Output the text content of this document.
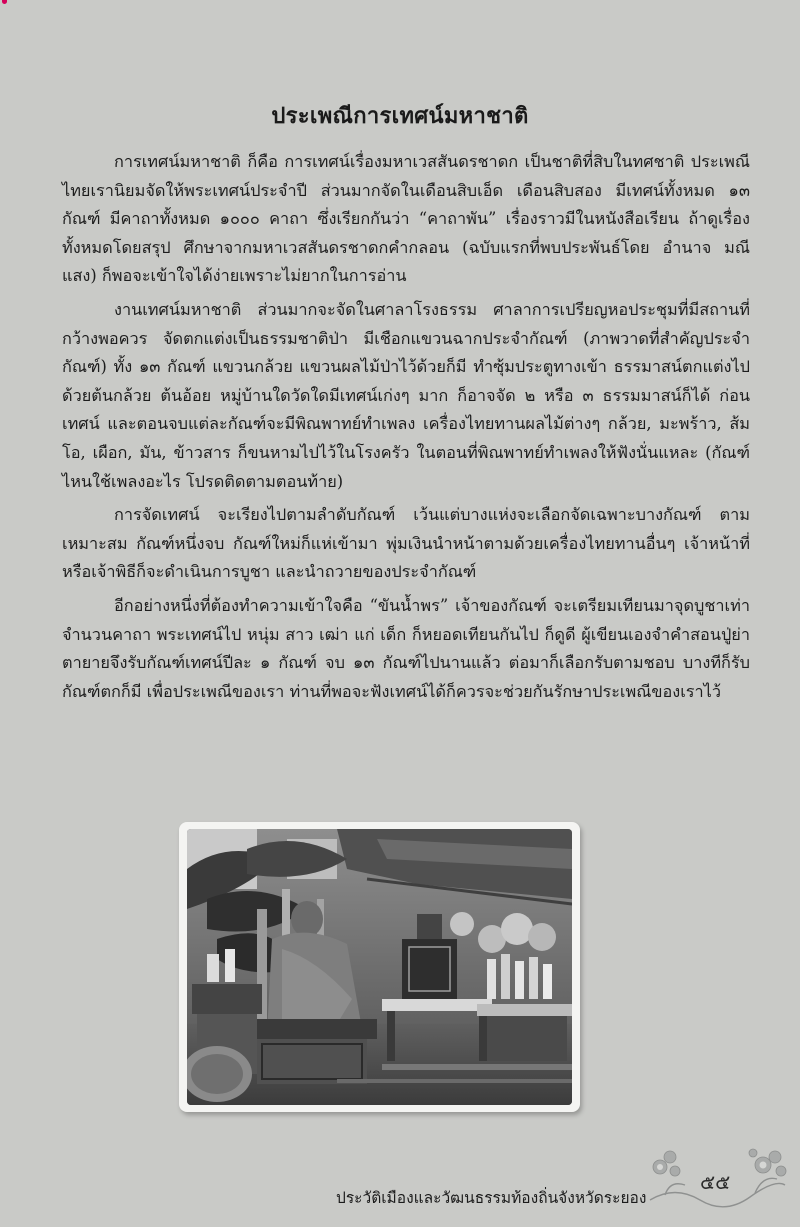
ประเพณีการเทศน์มหาชาติ

การเทศน์มหาชาติ ก็คือ การเทศน์เรื่องมหาเวสสันดรชาดก เป็นชาติที่สิบในทศชาติ ประเพณีไทยเรานิยมจัดให้พระเทศน์ประจำปี ส่วนมากจัดในเดือนสิบเอ็ด เดือนสิบสอง มีเทศน์ทั้งหมด ๑๓ กัณฑ์ มีคาถาทั้งหมด ๑๐๐๐ คาถา ซึ่งเรียกกันว่า “คาถาพัน” เรื่องราวมีในหนังสือเรียน ถ้าดูเรื่องทั้งหมดโดยสรุป ศึกษาจากมหาเวสสันดรชาดกคำกลอน (ฉบับแรกที่พบประพันธ์โดย อำนาจ มณีแสง) ก็พอจะเข้าใจได้ง่ายเพราะไม่ยากในการอ่าน

งานเทศน์มหาชาติ ส่วนมากจะจัดในศาลาโรงธรรม ศาลาการเปรียญหอประชุมที่มีสถานที่กว้างพอควร จัดตกแต่งเป็นธรรมชาติป่า มีเชือกแขวนฉากประจำกัณฑ์ (ภาพวาดที่สำคัญประจำกัณฑ์) ทั้ง ๑๓ กัณฑ์ แขวนกล้วย แขวนผลไม้ป่าไว้ด้วยก็มี ทำซุ้มประตูทางเข้า ธรรมาสน์ตกแต่งไปด้วยต้นกล้วย ต้นอ้อย หมู่บ้านใดวัดใดมีเทศน์เก่งๆ มาก ก็อาจจัด ๒ หรือ ๓ ธรรมมาสน์ก็ได้ ก่อนเทศน์ และตอนจบแต่ละกัณฑ์จะมีพิณพาทย์ทำเพลง เครื่องไทยทานผลไม้ต่างๆ กล้วย, มะพร้าว, ส้มโอ, เผือก, มัน, ข้าวสาร ก็ขนหามไปไว้ในโรงครัว ในตอนที่พิณพาทย์ทำเพลงให้ฟังนั่นแหละ (กัณฑ์ไหนใช้เพลงอะไร โปรดติดตามตอนท้าย)

การจัดเทศน์ จะเรียงไปตามลำดับกัณฑ์ เว้นแต่บางแห่งจะเลือกจัดเฉพาะบางกัณฑ์ ตามเหมาะสม กัณฑ์หนึ่งจบ กัณฑ์ใหม่ก็แห่เข้ามา พุ่มเงินนำหน้าตามด้วยเครื่องไทยทานอื่นๆ เจ้าหน้าที่หรือเจ้าพิธีก็จะดำเนินการบูชา และนำถวายของประจำกัณฑ์

อีกอย่างหนึ่งที่ต้องทำความเข้าใจคือ “ขันน้ำพร” เจ้าของกัณฑ์ จะเตรียมเทียนมาจุดบูชาเท่าจำนวนคาถา พระเทศน์ไป หนุ่ม สาว เฒ่า แก่ เด็ก ก็หยอดเทียนกันไป ก็ดูดี ผู้เขียนเองจำคำสอนปู่ย่าตายายจึงรับกัณฑ์เทศน์ปีละ ๑ กัณฑ์ จบ ๑๓ กัณฑ์ไปนานแล้ว ต่อมาก็เลือกรับตามชอบ บางทีก็รับกัณฑ์ตกก็มี เพื่อประเพณีของเรา ท่านที่พอจะฟังเทศน์ได้ก็ควรจะช่วยกันรักษาประเพณีของเราไว้

๕๕
ประวัติเมืองและวัฒนธรรมท้องถิ่นจังหวัดระยอง
